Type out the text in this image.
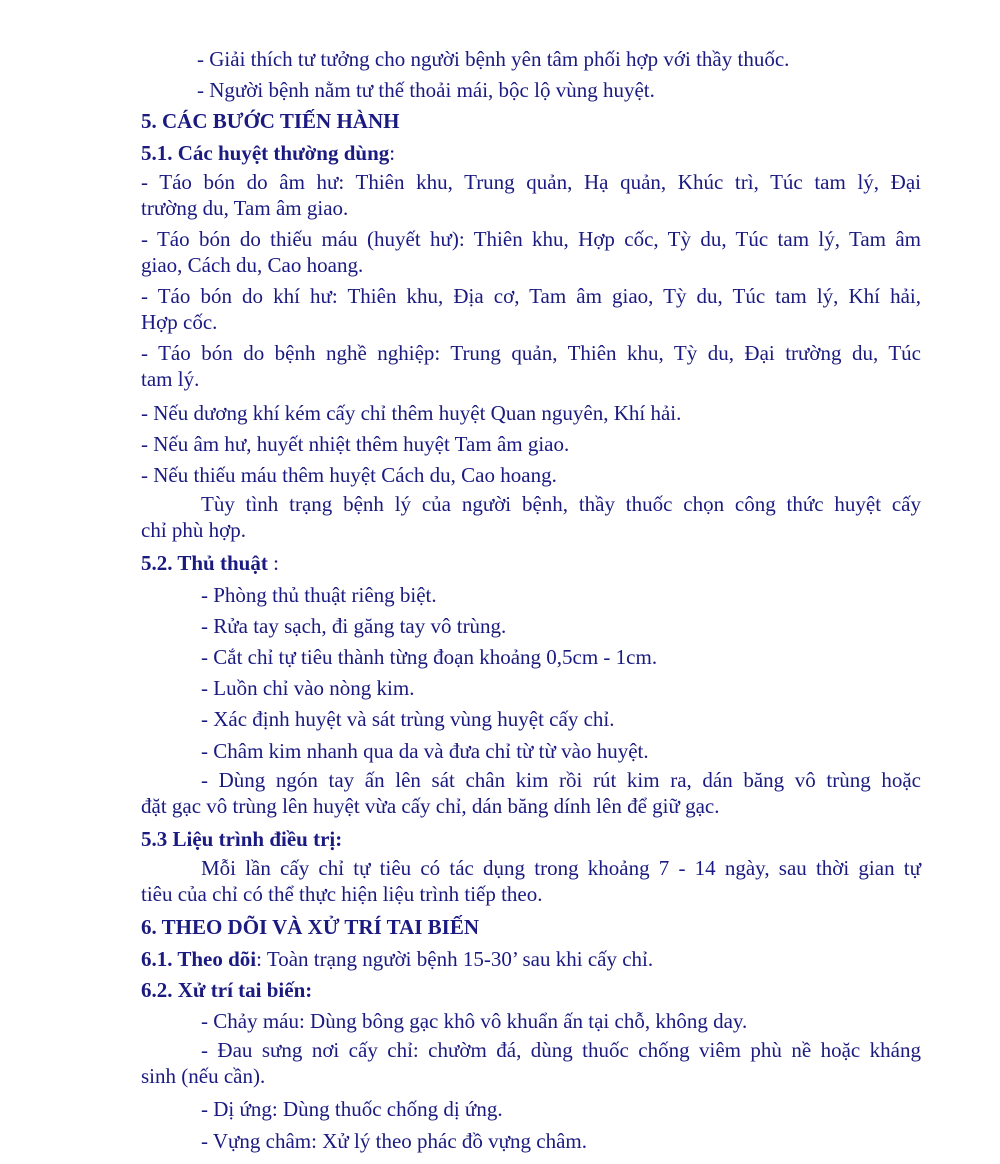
- Giải thích tư tưởng cho người bệnh yên tâm phối hợp với thầy thuốc.
- Người bệnh nằm tư thế thoải mái, bộc lộ vùng huyệt.
5. CÁC BƯỚC TIẾN HÀNH
5.1. Các huyệt thường dùng:
- Táo bón do âm hư: Thiên khu, Trung quản, Hạ quản, Khúc trì, Túc tam lý, Đại
trường du, Tam âm giao.
- Táo bón do thiếu máu (huyết hư): Thiên khu, Hợp cốc, Tỳ du, Túc tam lý, Tam âm
giao, Cách du, Cao hoang.
- Táo bón do khí hư: Thiên khu, Địa cơ, Tam âm giao, Tỳ du, Túc tam lý, Khí hải,
Hợp cốc.
- Táo bón do bệnh nghề nghiệp: Trung quản, Thiên khu, Tỳ du, Đại trường du, Túc
tam lý.
- Nếu dương khí kém cấy chỉ thêm huyệt Quan nguyên, Khí hải.
- Nếu âm hư, huyết nhiệt thêm huyệt Tam âm giao.
- Nếu thiếu máu thêm huyệt Cách du, Cao hoang.
Tùy tình trạng bệnh lý của người bệnh, thầy thuốc chọn công thức huyệt cấy
chỉ phù hợp.
5.2. Thủ thuật :
- Phòng thủ thuật riêng biệt.
- Rửa tay sạch, đi găng tay vô trùng.
- Cắt chỉ tự tiêu thành từng đoạn khoảng 0,5cm - 1cm.
- Luồn chỉ vào nòng kim.
- Xác định huyệt và sát trùng vùng huyệt cấy chỉ.
- Châm kim nhanh qua da và đưa chỉ từ từ vào huyệt.
- Dùng ngón tay ấn lên sát chân kim rồi rút kim ra, dán băng vô trùng hoặc
đặt gạc vô trùng lên huyệt vừa cấy chỉ, dán băng dính lên để giữ gạc.
5.3 Liệu trình điều trị:
Mỗi lần cấy chỉ tự tiêu có tác dụng trong khoảng 7 - 14 ngày, sau thời gian tự
tiêu của chỉ có thể thực hiện liệu trình tiếp theo.
6. THEO DÕI VÀ XỬ TRÍ TAI BIẾN
6.1. Theo dõi: Toàn trạng người bệnh 15-30’ sau khi cấy chỉ.
6.2. Xử trí tai biến:
- Chảy máu: Dùng bông gạc khô vô khuẩn ấn tại chỗ, không day.
- Đau sưng nơi cấy chỉ: chườm đá, dùng thuốc chống viêm phù nề hoặc kháng
sinh (nếu cần).
- Dị ứng: Dùng thuốc chống dị ứng.
- Vựng châm: Xử lý theo phác đồ vựng châm.
